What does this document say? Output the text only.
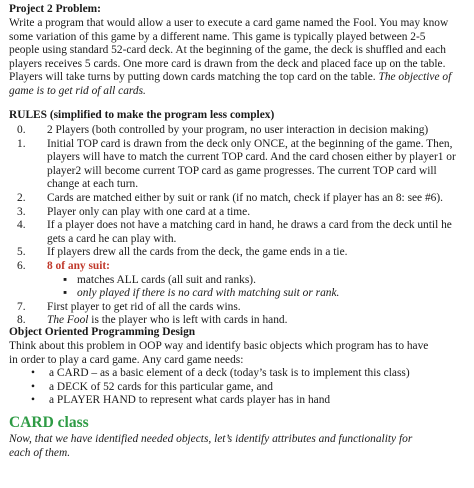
Project 2 Problem:
Write a program that would allow a user to execute a card game named the Fool. You may know
some variation of this game by a different name. This game is typically played between 2-5
people using standard 52-card deck. At the beginning of the game, the deck is shuffled and each
players receives 5 cards. One more card is drawn from the deck and placed face up on the table.
Players will take turns by putting down cards matching the top card on the table. The objective of
game is to get rid of all cards.
RULES (simplified to make the program less complex)
0.	2 Players (both controlled by your program, no user interaction in decision making)
1.	Initial TOP card is drawn from the deck only ONCE, at the beginning of the game. Then,
players will have to match the current TOP card. And the card chosen either by player1 or
player2 will become current TOP card as game progresses. The current TOP card will
change at each turn.
2.	Cards are matched either by suit or rank (if no match, check if player has an 8: see #6).
3.	Player only can play with one card at a time.
4.	If a player does not have a matching card in hand, he draws a card from the deck until he
gets a card he can play with.
5.	If players drew all the cards from the deck, the game ends in a tie.
6.	8 of any suit:
▪ matches ALL cards (all suit and ranks).
▪ only played if there is no card with matching suit or rank.
7.	First player to get rid of all the cards wins.
8.	The Fool is the player who is left with cards in hand.
Object Oriented Programming Design
Think about this problem in OOP way and identify basic objects which program has to have
in order to play a card game. Any card game needs:
•	a CARD – as a basic element of a deck (today’s task is to implement this class)
•	a DECK of 52 cards for this particular game, and
•	a PLAYER HAND to represent what cards player has in hand
CARD class
Now, that we have identified needed objects, let’s identify attributes and functionality for
each of them.
